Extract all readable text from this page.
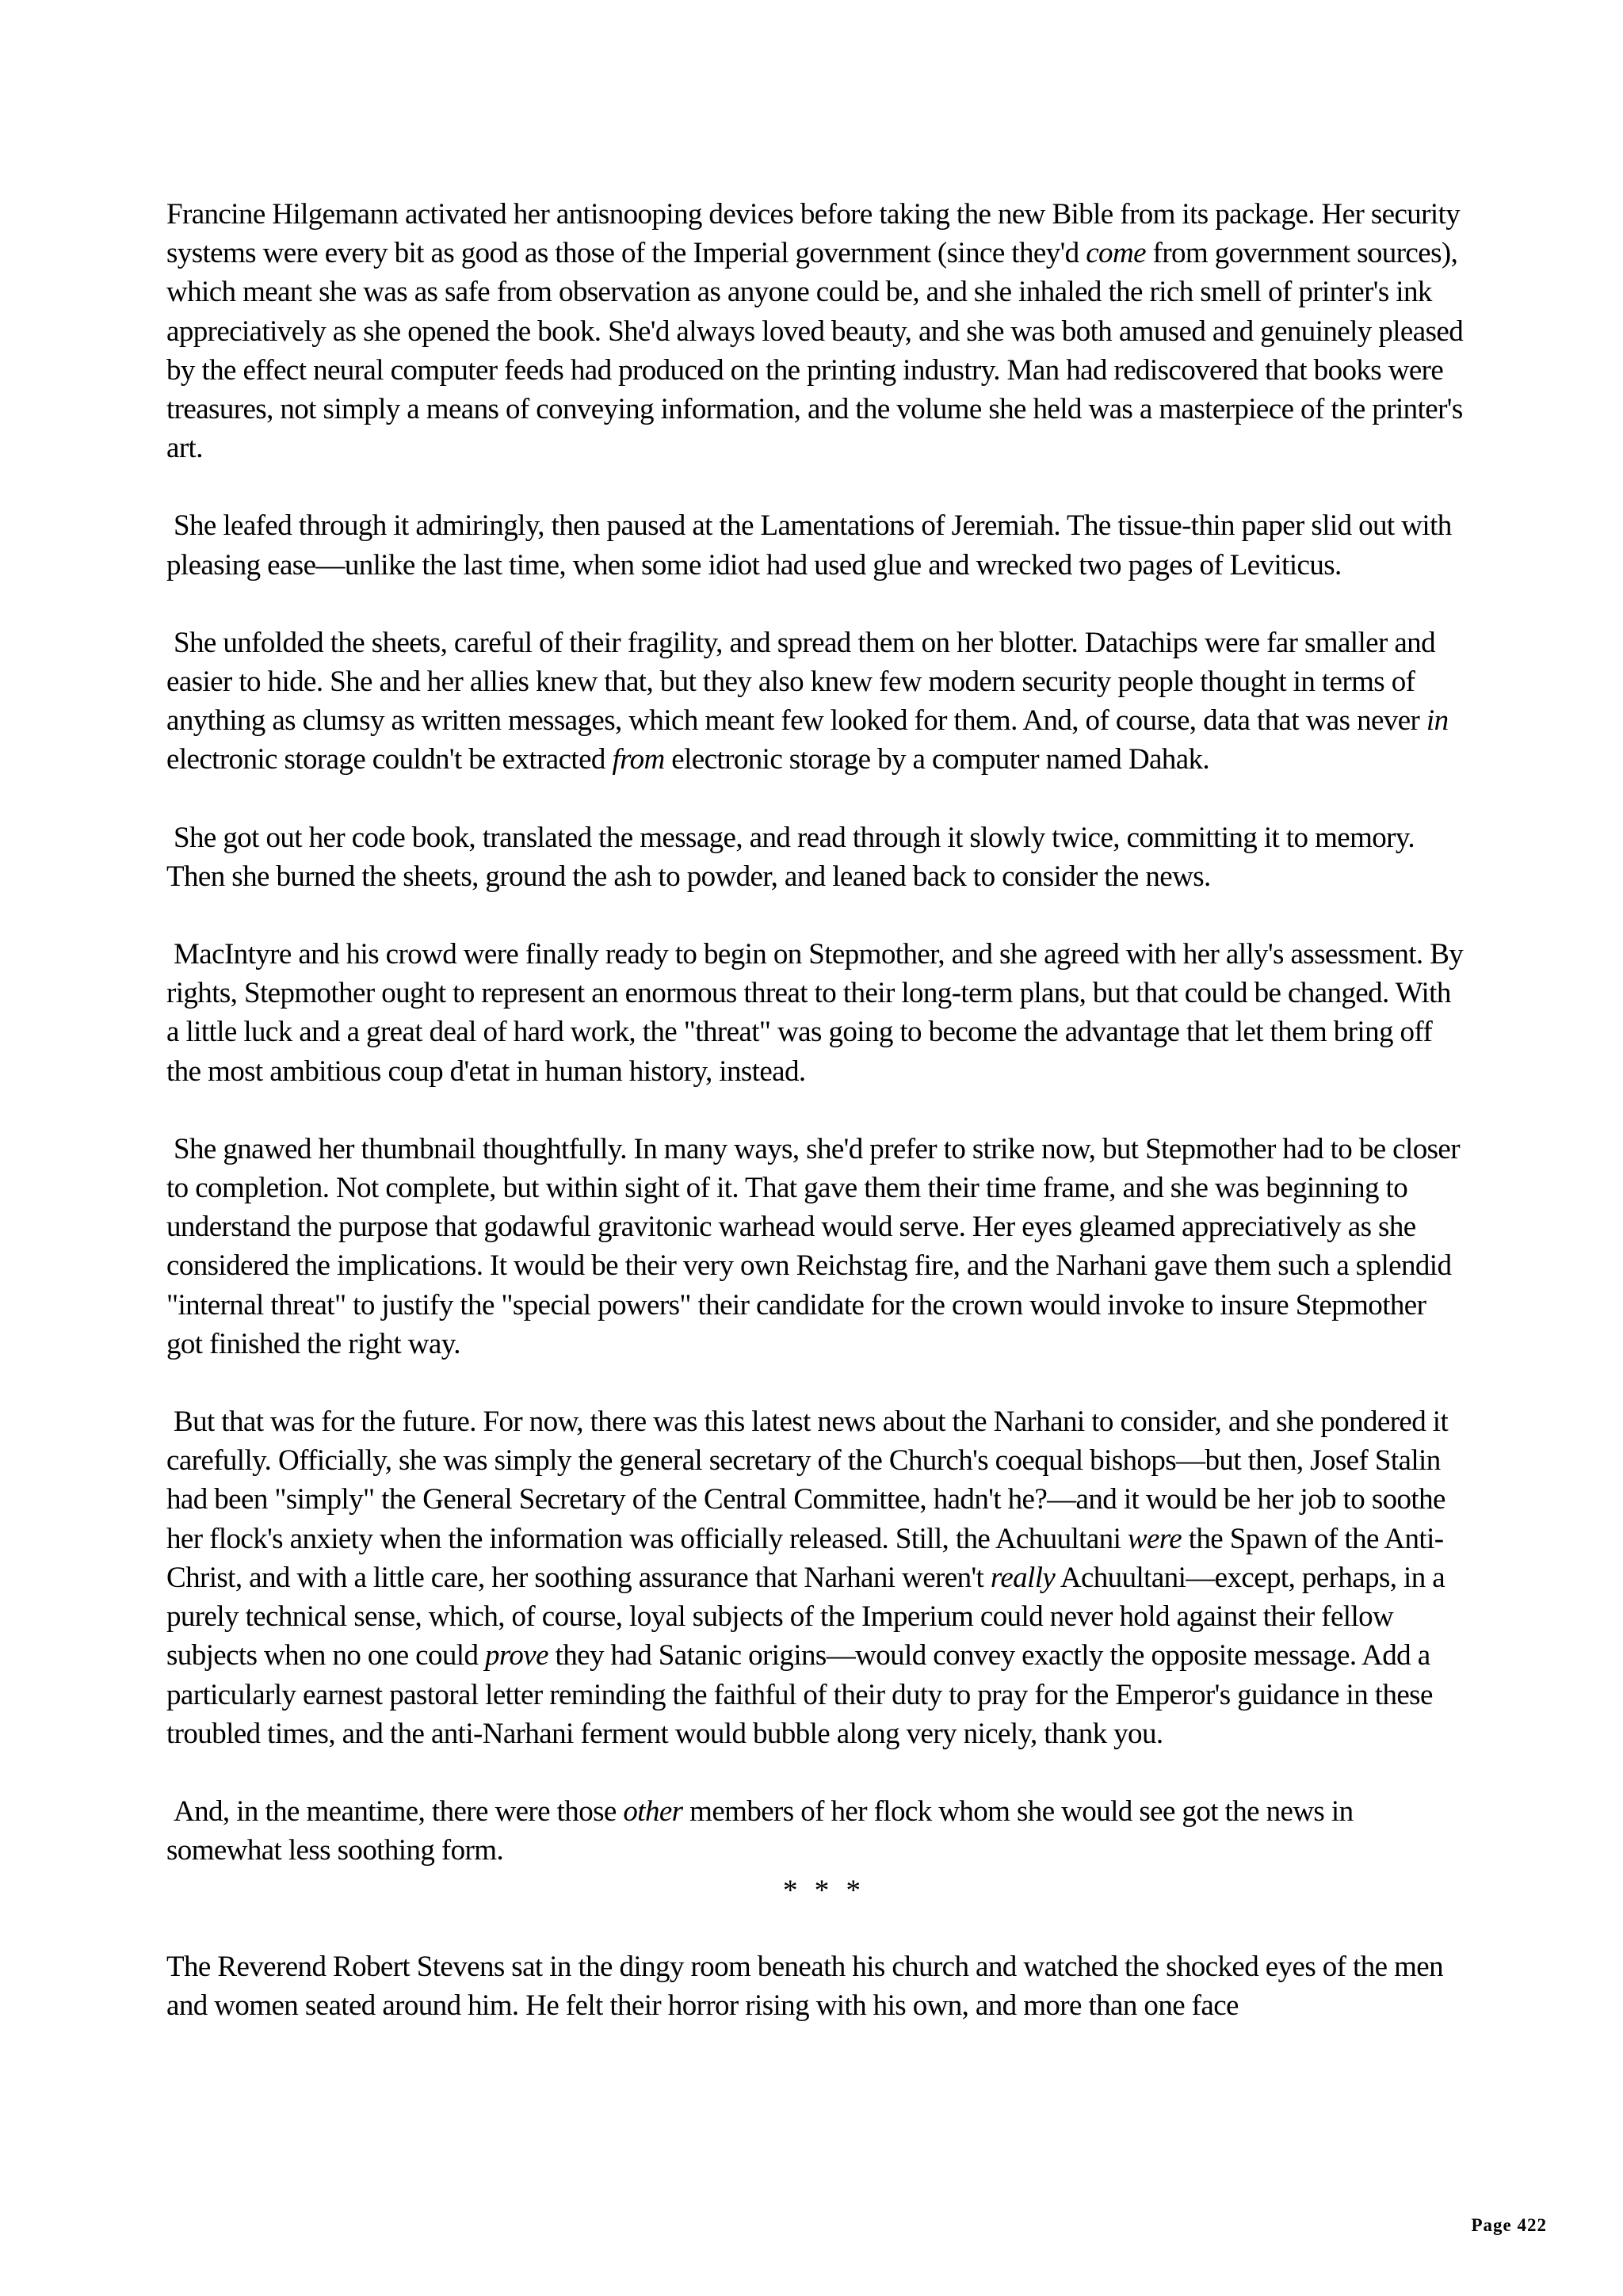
Francine Hilgemann activated her antisnooping devices before taking the new Bible from its package. Her security systems were every bit as good as those of the Imperial government (since they'd come from government sources), which meant she was as safe from observation as anyone could be, and she inhaled the rich smell of printer's ink appreciatively as she opened the book. She'd always loved beauty, and she was both amused and genuinely pleased by the effect neural computer feeds had produced on the printing industry. Man had rediscovered that books were treasures, not simply a means of conveying information, and the volume she held was a masterpiece of the printer's art.

She leafed through it admiringly, then paused at the Lamentations of Jeremiah. The tissue-thin paper slid out with pleasing ease—unlike the last time, when some idiot had used glue and wrecked two pages of Leviticus.

She unfolded the sheets, careful of their fragility, and spread them on her blotter. Datachips were far smaller and easier to hide. She and her allies knew that, but they also knew few modern security people thought in terms of anything as clumsy as written messages, which meant few looked for them. And, of course, data that was never in electronic storage couldn't be extracted from electronic storage by a computer named Dahak.

She got out her code book, translated the message, and read through it slowly twice, committing it to memory. Then she burned the sheets, ground the ash to powder, and leaned back to consider the news.

MacIntyre and his crowd were finally ready to begin on Stepmother, and she agreed with her ally's assessment. By rights, Stepmother ought to represent an enormous threat to their long-term plans, but that could be changed. With a little luck and a great deal of hard work, the "threat" was going to become the advantage that let them bring off the most ambitious coup d'etat in human history, instead.

She gnawed her thumbnail thoughtfully. In many ways, she'd prefer to strike now, but Stepmother had to be closer to completion. Not complete, but within sight of it. That gave them their time frame, and she was beginning to understand the purpose that godawful gravitonic warhead would serve. Her eyes gleamed appreciatively as she considered the implications. It would be their very own Reichstag fire, and the Narhani gave them such a splendid "internal threat" to justify the "special powers" their candidate for the crown would invoke to insure Stepmother got finished the right way.

But that was for the future. For now, there was this latest news about the Narhani to consider, and she pondered it carefully. Officially, she was simply the general secretary of the Church's coequal bishops—but then, Josef Stalin had been "simply" the General Secretary of the Central Committee, hadn't he?—and it would be her job to soothe her flock's anxiety when the information was officially released. Still, the Achuultani were the Spawn of the Anti-Christ, and with a little care, her soothing assurance that Narhani weren't really Achuultani—except, perhaps, in a purely technical sense, which, of course, loyal subjects of the Imperium could never hold against their fellow subjects when no one could prove they had Satanic origins—would convey exactly the opposite message. Add a particularly earnest pastoral letter reminding the faithful of their duty to pray for the Emperor's guidance in these troubled times, and the anti-Narhani ferment would bubble along very nicely, thank you.

And, in the meantime, there were those other members of her flock whom she would see got the news in somewhat less soothing form.

* * *

The Reverend Robert Stevens sat in the dingy room beneath his church and watched the shocked eyes of the men and women seated around him. He felt their horror rising with his own, and more than one face

Page 422
